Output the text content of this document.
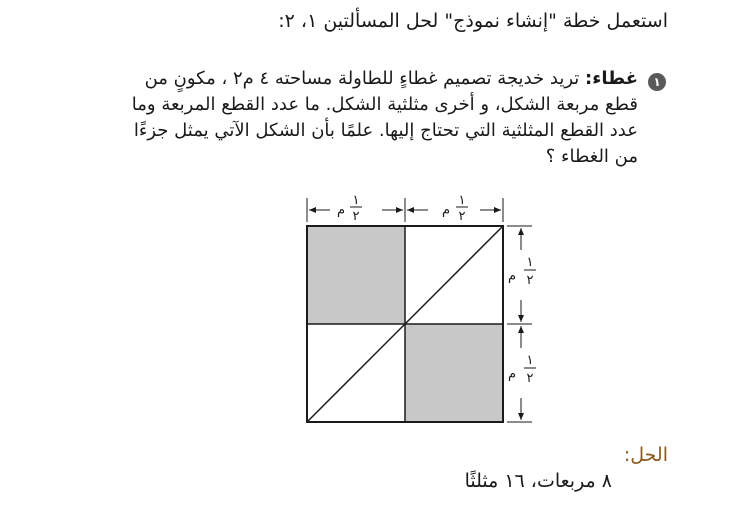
استعمل خطة "إنشاء نموذج" لحل المسألتين ١، ٢:
١
غطاء: تريد خديجة تصميم غطاءٍ للطاولة مساحته ٤ م٢ ، مكونٍ من قطع مربعة الشكل، و أخرى مثلثية الشكل. ما عدد القطع المربعة وما عدد القطع المثلثية التي تحتاج إليها. علمًا بأن الشكل الآتي يمثل جزءًا من الغطاء ؟
١
٢
م
١
٢
م
١
٢
م
١
٢
م
الحل:
٨ مربعات، ١٦ مثلثًا
